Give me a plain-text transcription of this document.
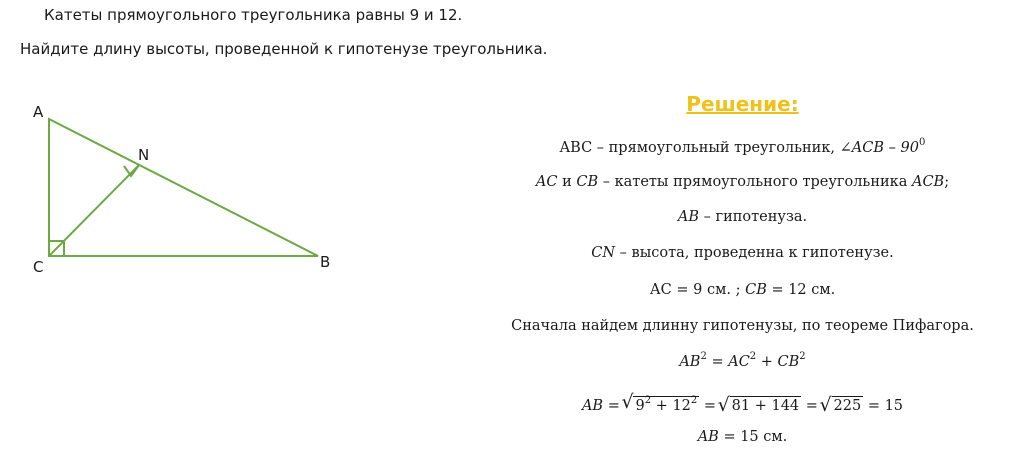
Катеты прямоугольного треугольника равны 9 и 12.
Найдите длину высоты, проведенной к гипотенузе треугольника.
A
N
C	B
Решение:
ABC – прямоугольный треугольник, ∠ACB – $90^0$
AC и CB – катеты прямоугольного треугольника ACB;
AB – гипотенуза.
CN – высота, проведенна к гипотенузе.
АС = 9 см. ; CB = 12 см.
Сначала найдем длинну гипотенузы, по теореме Пифагора.
$AB^2 = AC^2 + CB^2$
AB = √ $9^2 + 12^2$ = √ 81 + 144 = √ 225 = 15
AB = 15 см.
